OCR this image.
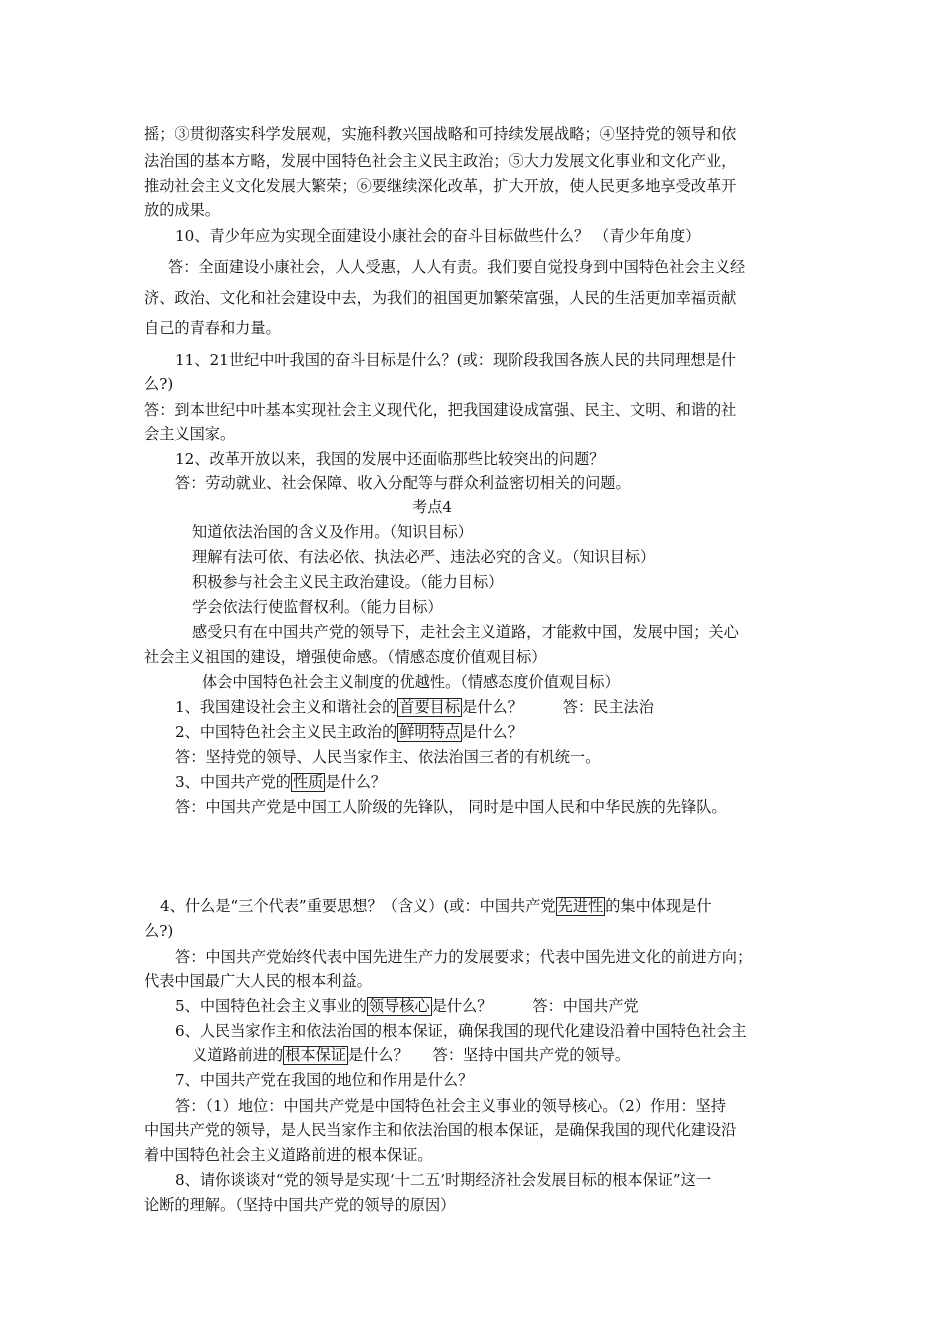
摇；③贯彻落实科学发展观，实施科教兴国战略和可持续发展战略；④坚持党的领导和依
法治国的基本方略，发展中国特色社会主义民主政治；⑤大力发展文化事业和文化产业，
推动社会主义文化发展大繁荣；⑥要继续深化改革，扩大开放，使人民更多地享受改革开
放的成果。
10、青少年应为实现全面建设小康社会的奋斗目标做些什么？ （青少年角度）
答：全面建设小康社会，人人受惠，人人有责。我们要自觉投身到中国特色社会主义经
济、政治、文化和社会建设中去，为我们的祖国更加繁荣富强，人民的生活更加幸福贡献
自己的青春和力量。
11、21世纪中叶我国的奋斗目标是什么？(或：现阶段我国各族人民的共同理想是什
么?)
答：到本世纪中叶基本实现社会主义现代化，把我国建设成富强、民主、文明、和谐的社
会主义国家。
12、改革开放以来，我国的发展中还面临那些比较突出的问题？
答：劳动就业、社会保障、收入分配等与群众利益密切相关的问题。
考点4
知道依法治国的含义及作用。（知识目标）
理解有法可依、有法必依、执法必严、违法必究的含义。（知识目标）
积极参与社会主义民主政治建设。（能力目标）
学会依法行使监督权利。（能力目标）
感受只有在中国共产党的领导下，走社会主义道路，才能救中国，发展中国；关心
社会主义祖国的建设，增强使命感。（情感态度价值观目标）
体会中国特色社会主义制度的优越性。（情感态度价值观目标）
1、我国建设社会主义和谐社会的 首要目标 是什么？	答：民主法治
2、中国特色社会主义民主政治的 鲜明特点 是什么？
答：坚持党的领导、人民当家作主、依法治国三者的有机统一。
3、中国共产党的 性质 是什么？
答：中国共产党是中国工人阶级的先锋队， 同时是中国人民和中华民族的先锋队。
4、什么是“三个代表”重要思想？（含义）(或：中国共产党 先进性 的集中体现是什
么?)
答：中国共产党始终代表中国先进生产力的发展要求；代表中国先进文化的前进方向；
代表中国最广大人民的根本利益。
5、中国特色社会主义事业的 领导核心 是什么？	答：中国共产党
6、人民当家作主和依法治国的根本保证，确保我国的现代化建设沿着中国特色社会主
义道路前进的 根本保证 是什么？ 答：坚持中国共产党的领导。
7、中国共产党在我国的地位和作用是什么？
答：（1）地位：中国共产党是中国特色社会主义事业的领导核心。（2）作用：坚持
中国共产党的领导，是人民当家作主和依法治国的根本保证，是确保我国的现代化建设沿
着中国特色社会主义道路前进的根本保证。
8、请你谈谈对“党的领导是实现‘十二五’时期经济社会发展目标的根本保证”这一
论断的理解。（坚持中国共产党的领导的原因）
